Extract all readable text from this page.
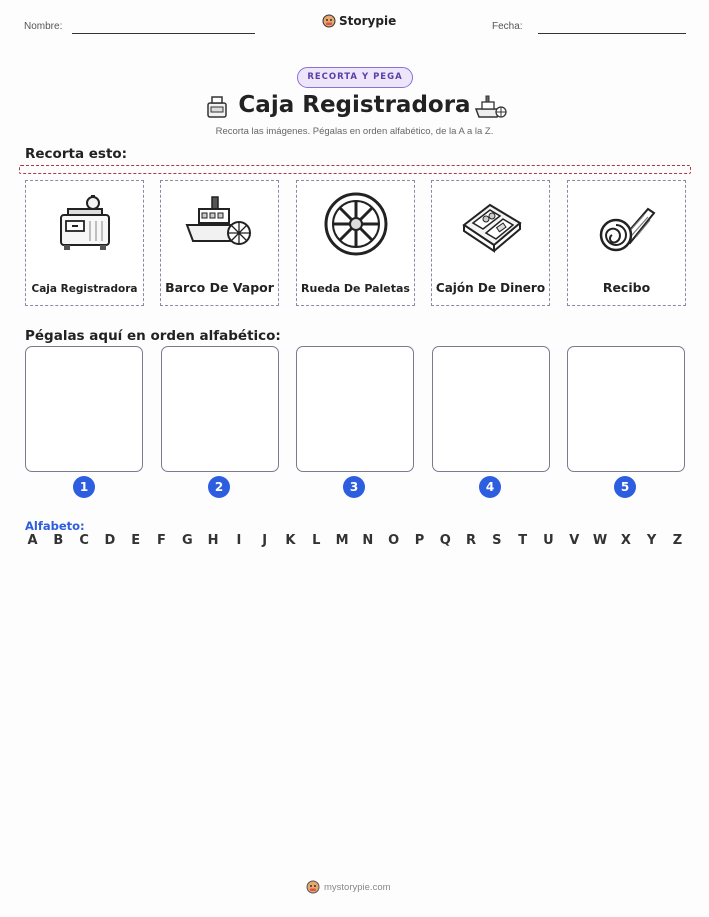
Nombre:	Storypie	Fecha:
RECORTA Y PEGA
Caja Registradora
Recorta las imágenes. Pégalas en orden alfabético, de la A a la Z.
Recorta esto:
Caja Registradora	Barco De Vapor	Rueda De Paletas	Cajón De Dinero	Recibo
Pégalas aquí en orden alfabético:
1	2	3	4	5
Alfabeto:
A B C D E F G H	I	J	K L M N O P Q R S T U V W X Y Z
mystorypie.com
